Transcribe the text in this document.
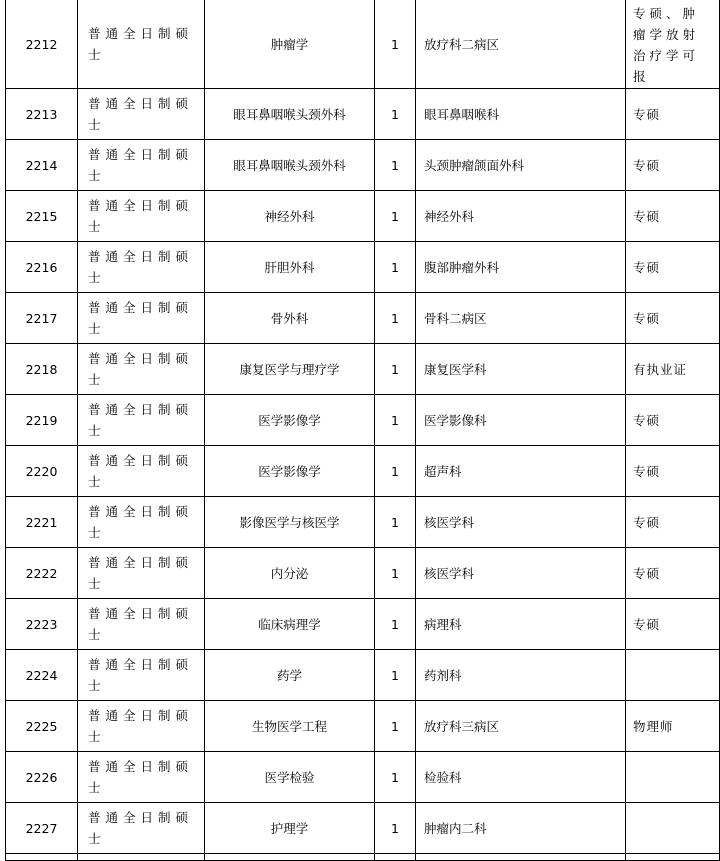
2212	普通全日制硕士	肿瘤学	1	放疗科二病区	专硕、肿瘤学放射治疗学可报
2213	普通全日制硕士	眼耳鼻咽喉头颈外科	1	眼耳鼻咽喉科	专硕
2214	普通全日制硕士	眼耳鼻咽喉头颈外科	1	头颈肿瘤颌面外科	专硕
2215	普通全日制硕士	神经外科	1	神经外科	专硕
2216	普通全日制硕士	肝胆外科	1	腹部肿瘤外科	专硕
2217	普通全日制硕士	骨外科	1	骨科二病区	专硕
2218	普通全日制硕士	康复医学与理疗学	1	康复医学科	有执业证
2219	普通全日制硕士	医学影像学	1	医学影像科	专硕
2220	普通全日制硕士	医学影像学	1	超声科	专硕
2221	普通全日制硕士	影像医学与核医学	1	核医学科	专硕
2222	普通全日制硕士	内分泌	1	核医学科	专硕
2223	普通全日制硕士	临床病理学	1	病理科	专硕
2224	普通全日制硕士	药学	1	药剂科	
2225	普通全日制硕士	生物医学工程	1	放疗科三病区	物理师
2226	普通全日制硕士	医学检验	1	检验科	
2227	普通全日制硕士	护理学	1	肿瘤内二科	
